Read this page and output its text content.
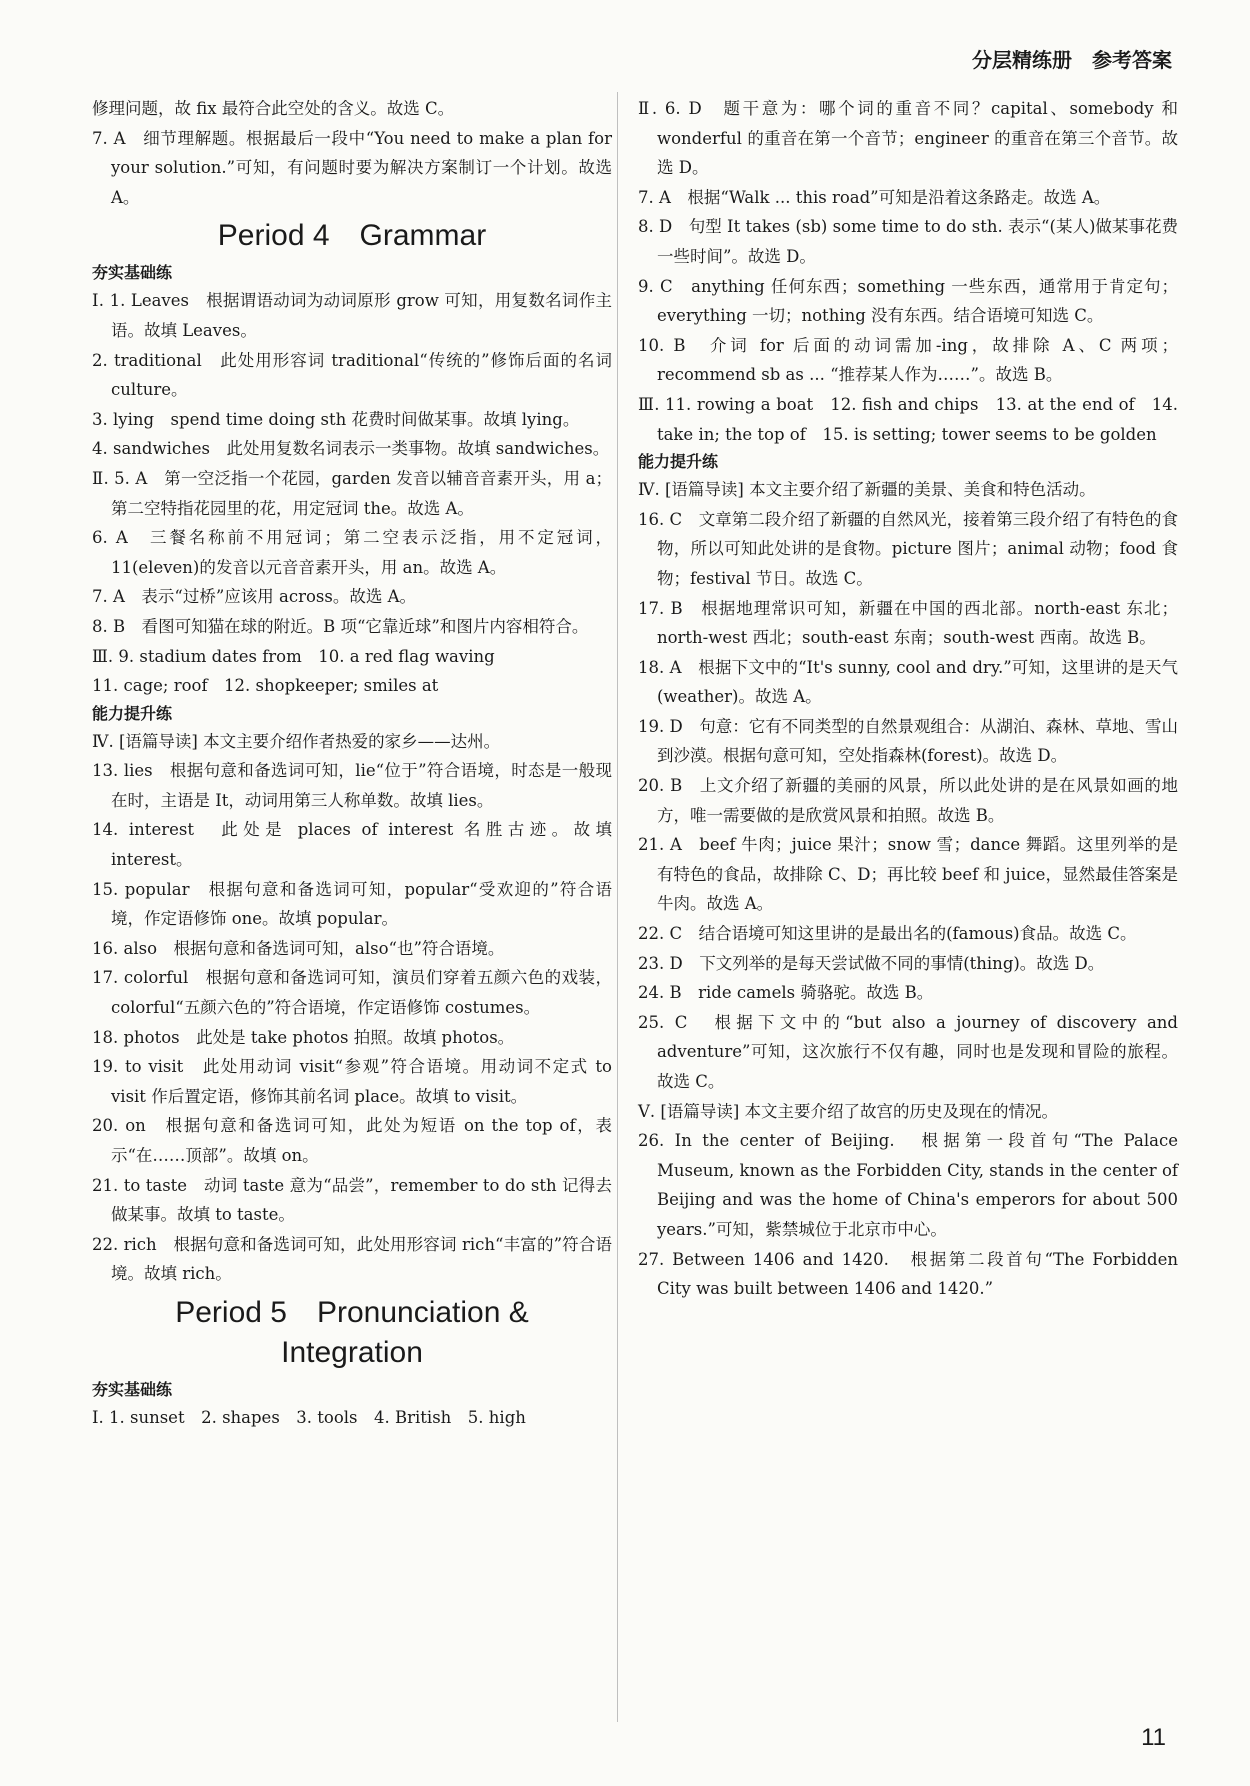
分层精练册　参考答案

修理问题，故 fix 最符合此空处的含义。故选 C。

7. A　细节理解题。根据最后一段中“You need to make a plan for your solution.”可知，有问题时要为解决方案制订一个计划。故选 A。

Period 4　Grammar
夯实基础练

Ⅰ. 1. Leaves　根据谓语动词为动词原形 grow 可知，用复数名词作主语。故填 Leaves。

2. traditional　此处用形容词 traditional“传统的”修饰后面的名词 culture。

3. lying　spend time doing sth 花费时间做某事。故填 lying。

4. sandwiches　此处用复数名词表示一类事物。故填 sandwiches。

Ⅱ. 5. A　第一空泛指一个花园，garden 发音以辅音音素开头，用 a；第二空特指花园里的花，用定冠词 the。故选 A。

6. A　三餐名称前不用冠词；第二空表示泛指，用不定冠词，11(eleven)的发音以元音音素开头，用 an。故选 A。

7. A　表示“过桥”应该用 across。故选 A。

8. B　看图可知猫在球的附近。B 项“它靠近球”和图片内容相符合。

Ⅲ. 9. stadium dates from　10. a red flag waving

11. cage; roof　12. shopkeeper; smiles at

能力提升练

Ⅳ. [语篇导读] 本文主要介绍作者热爱的家乡——达州。

13. lies　根据句意和备选词可知，lie“位于”符合语境，时态是一般现在时，主语是 It，动词用第三人称单数。故填 lies。

14. interest　此处是 places of interest 名胜古迹。故填 interest。

15. popular　根据句意和备选词可知，popular“受欢迎的”符合语境，作定语修饰 one。故填 popular。

16. also　根据句意和备选词可知，also“也”符合语境。

17. colorful　根据句意和备选词可知，演员们穿着五颜六色的戏装，colorful“五颜六色的”符合语境，作定语修饰 costumes。

18. photos　此处是 take photos 拍照。故填 photos。

19. to visit　此处用动词 visit“参观”符合语境。用动词不定式 to visit 作后置定语，修饰其前名词 place。故填 to visit。

20. on　根据句意和备选词可知，此处为短语 on the top of，表示“在……顶部”。故填 on。

21. to taste　动词 taste 意为“品尝”，remember to do sth 记得去做某事。故填 to taste。

22. rich　根据句意和备选词可知，此处用形容词 rich“丰富的”符合语境。故填 rich。

Period 5　Pronunciation &
Integration
夯实基础练

Ⅰ. 1. sunset　2. shapes　3. tools　4. British　5. high

Ⅱ. 6. D　题干意为：哪个词的重音不同？capital、somebody 和 wonderful 的重音在第一个音节；engineer 的重音在第三个音节。故选 D。

7. A　根据“Walk ... this road”可知是沿着这条路走。故选 A。

8. D　句型 It takes (sb) some time to do sth. 表示“(某人)做某事花费一些时间”。故选 D。

9. C　anything 任何东西；something 一些东西，通常用于肯定句；everything 一切；nothing 没有东西。结合语境可知选 C。

10. B　介词 for 后面的动词需加-ing，故排除 A、C 两项；recommend sb as ... “推荐某人作为……”。故选 B。

Ⅲ. 11. rowing a boat　12. fish and chips　13. at the end of　14. take in; the top of　15. is setting; tower seems to be golden

能力提升练

Ⅳ. [语篇导读] 本文主要介绍了新疆的美景、美食和特色活动。

16. C　文章第二段介绍了新疆的自然风光，接着第三段介绍了有特色的食物，所以可知此处讲的是食物。picture 图片；animal 动物；food 食物；festival 节日。故选 C。

17. B　根据地理常识可知，新疆在中国的西北部。north-east 东北；north-west 西北；south-east 东南；south-west 西南。故选 B。

18. A　根据下文中的“It's sunny, cool and dry.”可知，这里讲的是天气(weather)。故选 A。

19. D　句意：它有不同类型的自然景观组合：从湖泊、森林、草地、雪山到沙漠。根据句意可知，空处指森林(forest)。故选 D。

20. B　上文介绍了新疆的美丽的风景，所以此处讲的是在风景如画的地方，唯一需要做的是欣赏风景和拍照。故选 B。

21. A　beef 牛肉；juice 果汁；snow 雪；dance 舞蹈。这里列举的是有特色的食品，故排除 C、D；再比较 beef 和 juice，显然最佳答案是牛肉。故选 A。

22. C　结合语境可知这里讲的是最出名的(famous)食品。故选 C。

23. D　下文列举的是每天尝试做不同的事情(thing)。故选 D。

24. B　ride camels 骑骆驼。故选 B。

25. C　根据下文中的“but also a journey of discovery and adventure”可知，这次旅行不仅有趣，同时也是发现和冒险的旅程。故选 C。

Ⅴ. [语篇导读] 本文主要介绍了故宫的历史及现在的情况。

26. In the center of Beijing.　根据第一段首句“The Palace Museum, known as the Forbidden City, stands in the center of Beijing and was the home of China's emperors for about 500 years.”可知，紫禁城位于北京市中心。

27. Between 1406 and 1420.　根据第二段首句“The Forbidden City was built between 1406 and 1420.”

11
